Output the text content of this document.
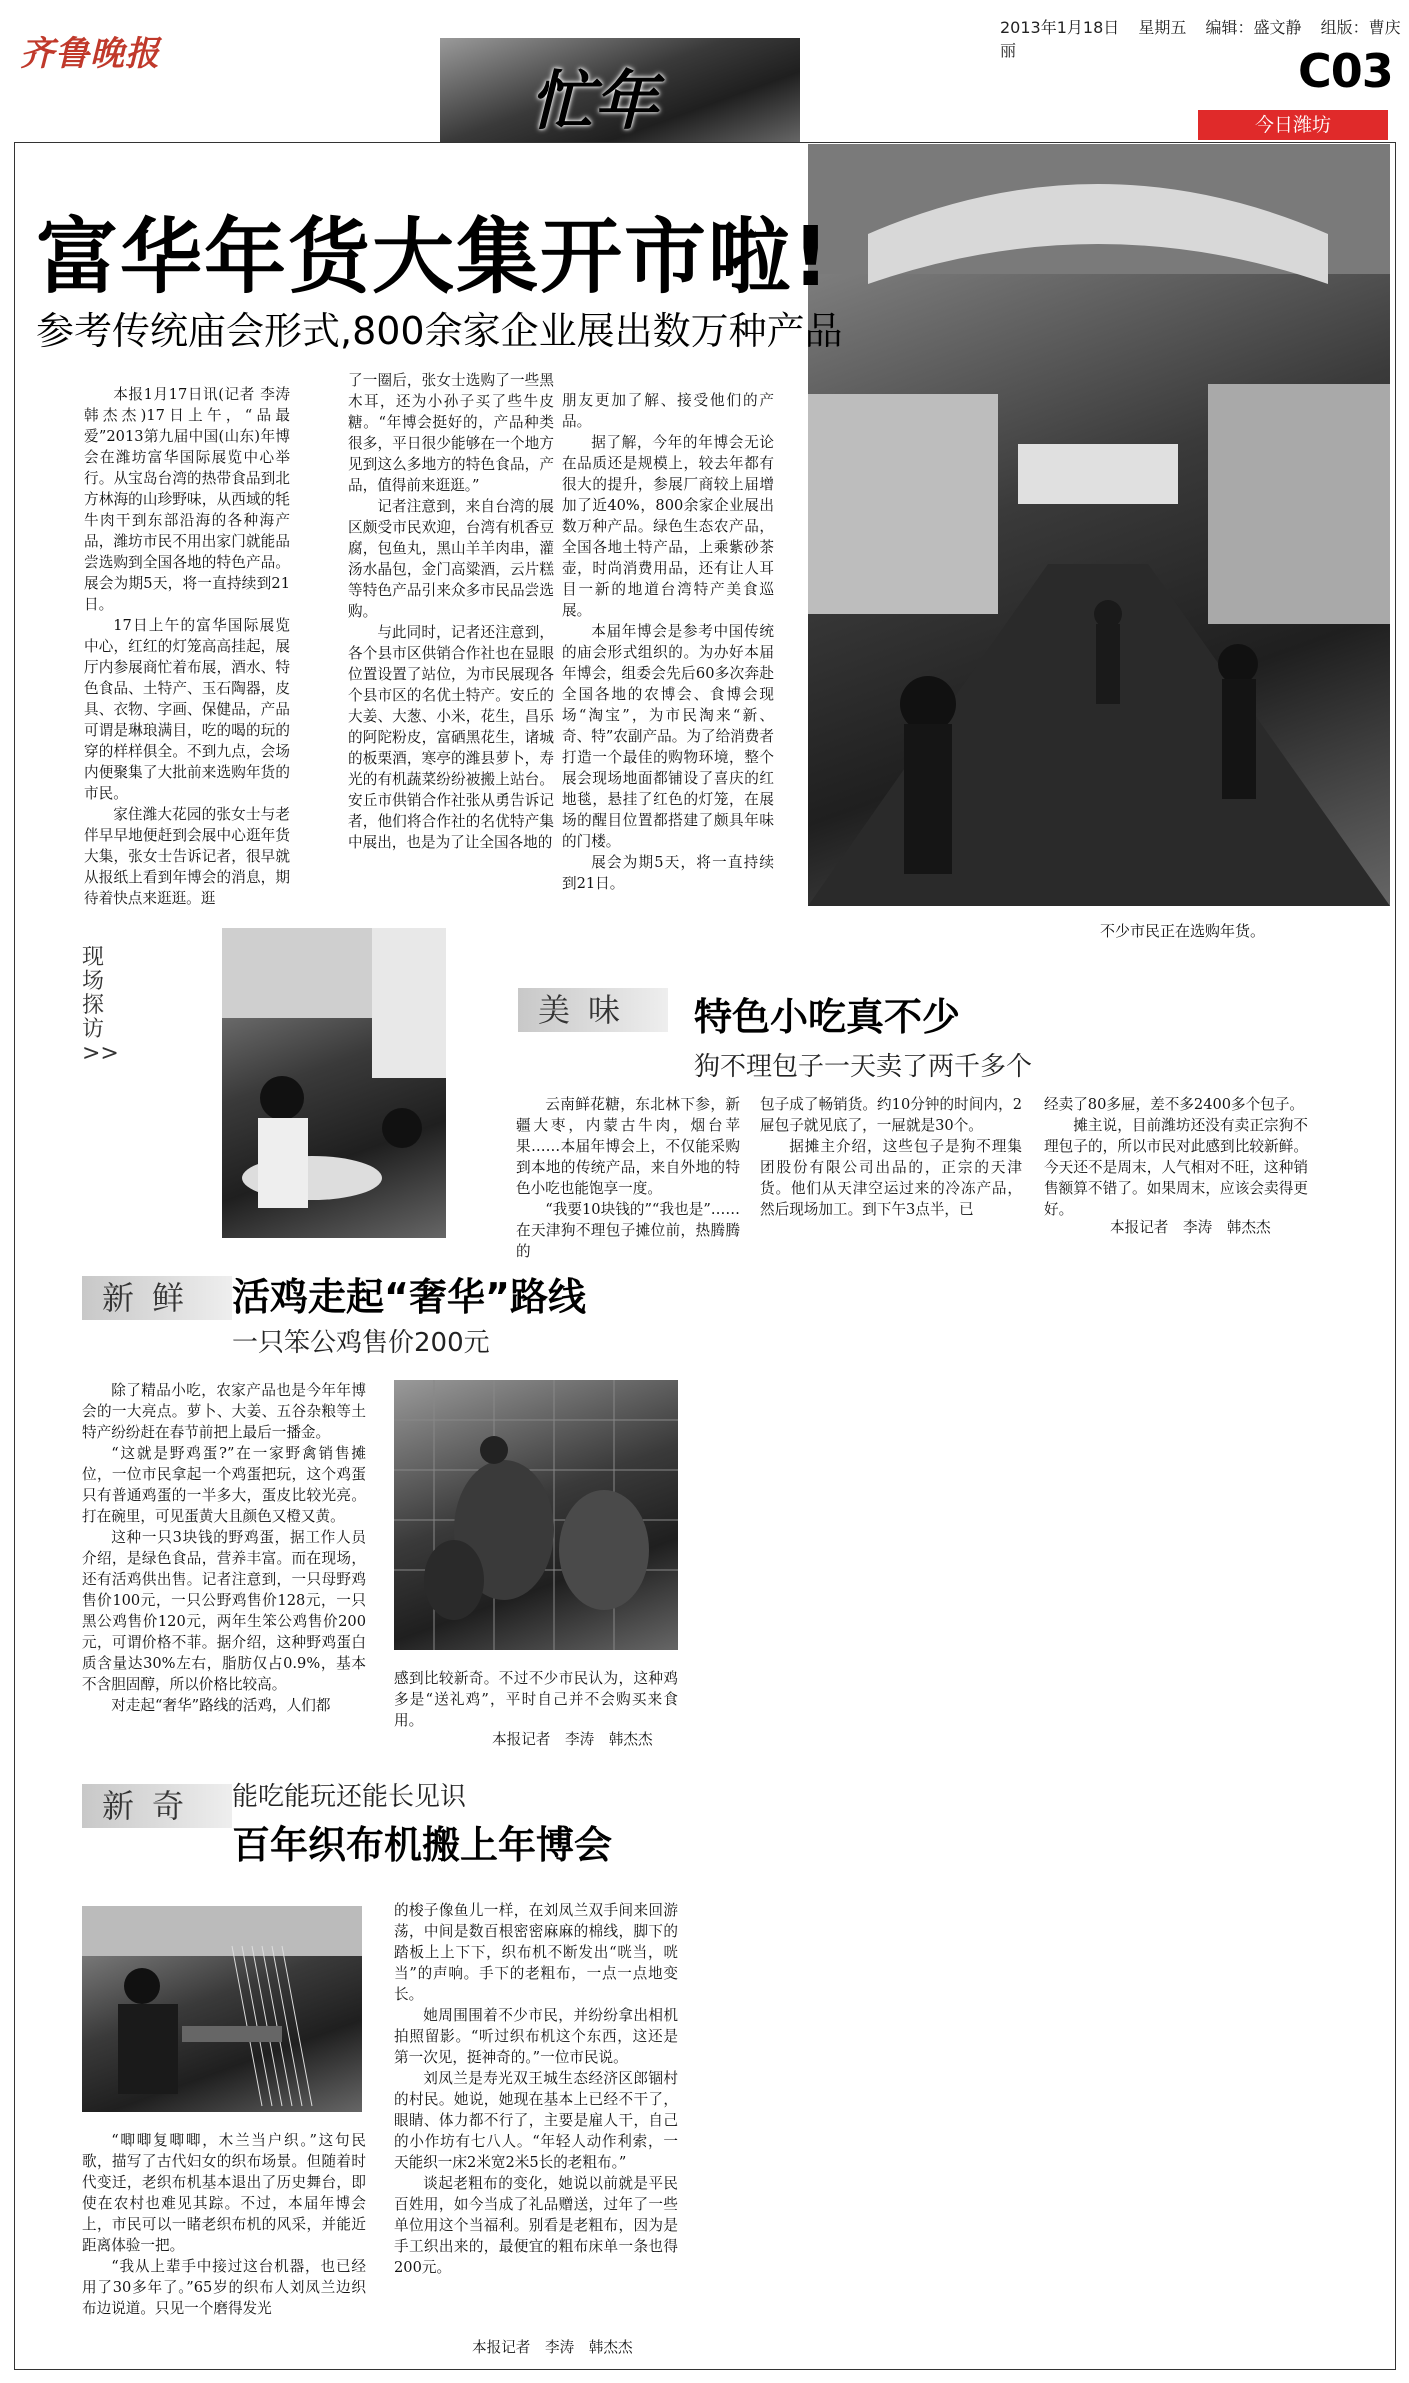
齐鲁晚报
2013年1月18日 星期五 编辑：盛文静 组版：曹庆丽	C03
今日潍坊
忙年
富华年货大集开市啦!
参考传统庙会形式,800余家企业展出数万种产品

本报1月17日讯(记者 李涛 韩杰杰)17日上午，“品最爱”2013第九届中国(山东)年博会在潍坊富华国际展览中心举行。从宝岛台湾的热带食品到北方林海的山珍野味，从西域的牦牛肉干到东部沿海的各种海产品，潍坊市民不用出家门就能品尝选购到全国各地的特色产品。展会为期5天，将一直持续到21日。

17日上午的富华国际展览中心，红红的灯笼高高挂起，展厅内参展商忙着布展，酒水、特色食品、土特产、玉石陶器，皮具、衣物、字画、保健品，产品可谓是琳琅满目，吃的喝的玩的穿的样样俱全。不到九点，会场内便聚集了大批前来选购年货的市民。

家住潍大花园的张女士与老伴早早地便赶到会展中心逛年货大集，张女士告诉记者，很早就从报纸上看到年博会的消息，期待着快点来逛逛。逛

了一圈后，张女士选购了一些黑木耳，还为小孙子买了些牛皮糖。“年博会挺好的，产品种类很多，平日很少能够在一个地方见到这么多地方的特色食品，产品，值得前来逛逛。”

记者注意到，来自台湾的展区颇受市民欢迎，台湾有机香豆腐，包鱼丸，黑山羊羊肉串，灌汤水晶包，金门高粱酒，云片糕等特色产品引来众多市民品尝选购。

与此同时，记者还注意到，各个县市区供销合作社也在显眼位置设置了站位，为市民展现各个县市区的名优土特产。安丘的大姜、大葱、小米，花生，昌乐的阿陀粉皮，富硒黑花生，诸城的板栗酒，寒亭的潍县萝卜，寿光的有机蔬菜纷纷被搬上站台。安丘市供销合作社张从勇告诉记者，他们将合作社的名优特产集中展出，也是为了让全国各地的

朋友更加了解、接受他们的产品。

据了解，今年的年博会无论在品质还是规模上，较去年都有很大的提升，参展厂商较上届增加了近40%，800余家企业展出数万种产品。绿色生态农产品，全国各地土特产品，上乘紫砂茶壶，时尚消费用品，还有让人耳目一新的地道台湾特产美食巡展。

本届年博会是参考中国传统的庙会形式组织的。为办好本届年博会，组委会先后60多次奔赴全国各地的农博会、食博会现场“淘宝”，为市民淘来“新、奇、特”农副产品。为了给消费者打造一个最佳的购物环境，整个展会现场地面都铺设了喜庆的红地毯，悬挂了红色的灯笼，在展场的醒目位置都搭建了颇具年味的门楼。

展会为期5天，将一直持续到21日。

不少市民正在选购年货。
现场探访>>
美味	特色小吃真不少
狗不理包子一天卖了两千多个

云南鲜花糖，东北林下参，新疆大枣，内蒙古牛肉，烟台苹果……本届年博会上，不仅能采购到本地的传统产品，来自外地的特色小吃也能饱享一度。

“我要10块钱的”“我也是”……在天津狗不理包子摊位前，热腾腾的

包子成了畅销货。约10分钟的时间内，2屉包子就见底了，一屉就是30个。

据摊主介绍，这些包子是狗不理集团股份有限公司出品的，正宗的天津货。他们从天津空运过来的冷冻产品，然后现场加工。到下午3点半，已

经卖了80多屉，差不多2400多个包子。

摊主说，目前潍坊还没有卖正宗狗不理包子的，所以市民对此感到比较新鲜。今天还不是周末，人气相对不旺，这种销售额算不错了。如果周末，应该会卖得更好。

本报记者　李涛　韩杰杰
新鲜 活鸡走起“奢华”路线
一只笨公鸡售价200元

除了精品小吃，农家产品也是今年年博会的一大亮点。萝卜、大姜、五谷杂粮等土特产纷纷赶在春节前把上最后一播金。

“这就是野鸡蛋?”在一家野禽销售摊位，一位市民拿起一个鸡蛋把玩，这个鸡蛋只有普通鸡蛋的一半多大，蛋皮比较光亮。打在碗里，可见蛋黄大且颜色又橙又黄。

这种一只3块钱的野鸡蛋，据工作人员介绍，是绿色食品，营养丰富。而在现场，还有活鸡供出售。记者注意到，一只母野鸡售价100元，一只公野鸡售价128元，一只黑公鸡售价120元，两年生笨公鸡售价200元，可谓价格不菲。据介绍，这种野鸡蛋白质含量达30%左右，脂肪仅占0.9%，基本不含胆固醇，所以价格比较高。

对走起“奢华”路线的活鸡，人们都

感到比较新奇。不过不少市民认为，这种鸡多是“送礼鸡”，平时自己并不会购买来食用。

本报记者　李涛　韩杰杰
新奇	能吃能玩还能长见识
百年织布机搬上年博会

“唧唧复唧唧，木兰当户织。”这句民歌，描写了古代妇女的织布场景。但随着时代变迁，老织布机基本退出了历史舞台，即使在农村也难见其踪。不过，本届年博会上，市民可以一睹老织布机的风采，并能近距离体验一把。

“我从上辈手中接过这台机器，也已经用了30多年了。”65岁的织布人刘凤兰边织布边说道。只见一个磨得发光

的梭子像鱼儿一样，在刘凤兰双手间来回游荡，中间是数百根密密麻麻的棉线，脚下的踏板上上下下，织布机不断发出“咣当，咣当”的声响。手下的老粗布，一点一点地变长。

她周围围着不少市民，并纷纷拿出相机拍照留影。“听过织布机这个东西，这还是第一次见，挺神奇的。”一位市民说。

刘凤兰是寿光双王城生态经济区郎锢村的村民。她说，她现在基本上已经不干了，眼睛、体力都不行了，主要是雇人干，自己的小作坊有七八人。“年轻人动作利索，一天能织一床2米宽2米5长的老粗布。”

谈起老粗布的变化，她说以前就是平民百姓用，如今当成了礼品赠送，过年了一些单位用这个当福利。别看是老粗布，因为是手工织出来的，最便宜的粗布床单一条也得200元。

本报记者　李涛　韩杰杰
